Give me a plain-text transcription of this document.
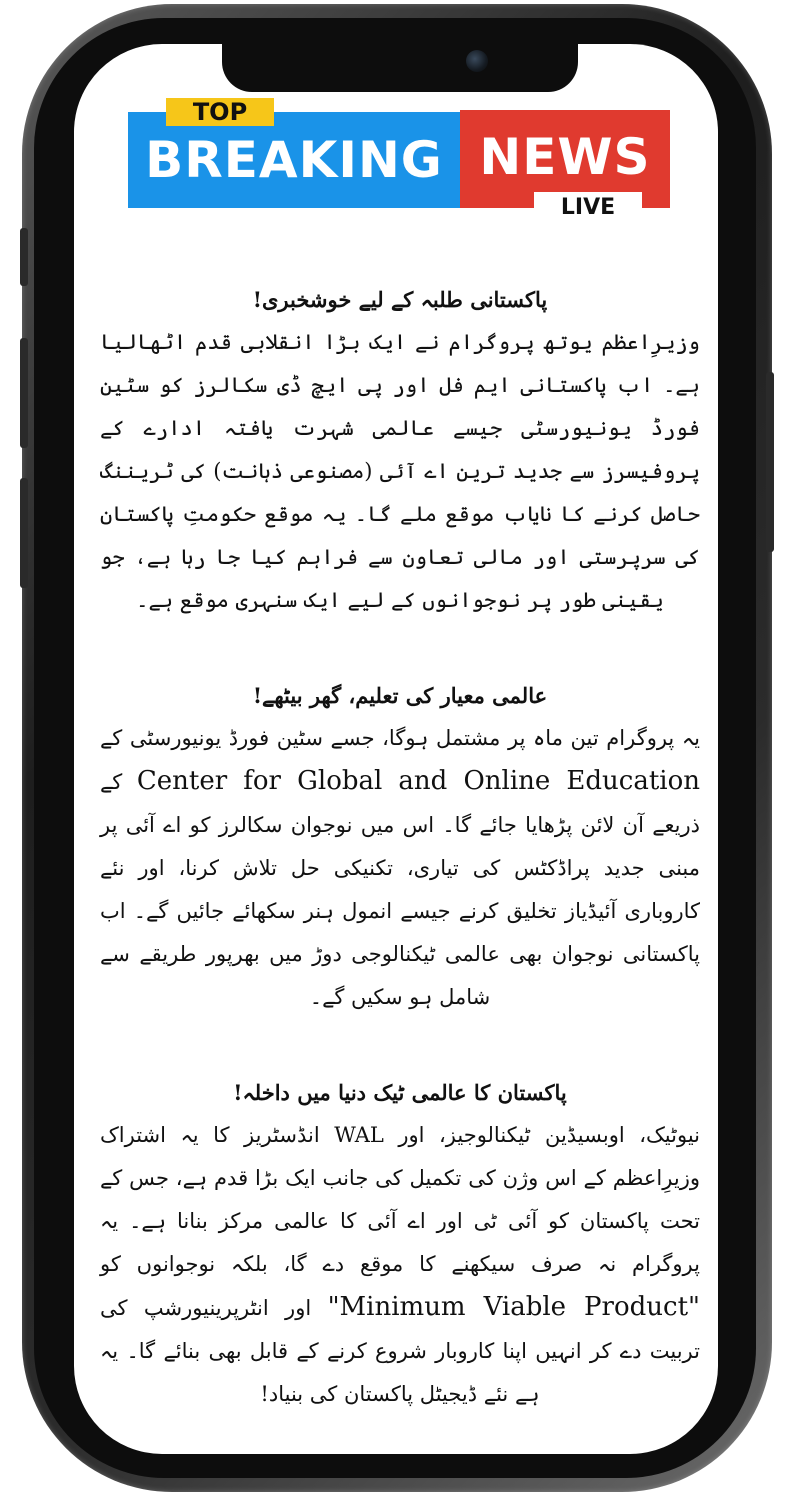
BREAKING NEWS
TOP
LIVE

پاکستانی طلبہ کے لیے خوشخبری!

وزیرِاعظم یوتھ پروگرام نے ایک بڑا انقلابی قدم اٹھالیا ہے۔ اب پاکستانی ایم فل اور پی ایچ ڈی سکالرز کو سٹین فورڈ یونیورسٹی جیسے عالمی شہرت یافتہ ادارے کے پروفیسرز سے جدید ترین اے آئی (مصنوعی ذہانت) کی ٹریننگ حاصل کرنے کا نایاب موقع ملے گا۔ یہ موقع حکومتِ پاکستان کی سرپرستی اور مالی تعاون سے فراہم کیا جا رہا ہے، جو یقینی طور پر نوجوانوں کے لیے ایک سنہری موقع ہے۔

عالمی معیار کی تعلیم، گھر بیٹھے!

یہ پروگرام تین ماہ پر مشتمل ہوگا، جسے سٹین فورڈ یونیورسٹی کے Center for Global and Online Education کے ذریعے آن لائن پڑھایا جائے گا۔ اس میں نوجوان سکالرز کو اے آئی پر مبنی جدید پراڈکٹس کی تیاری، تکنیکی حل تلاش کرنا، اور نئے کاروباری آئیڈیاز تخلیق کرنے جیسے انمول ہنر سکھائے جائیں گے۔ اب پاکستانی نوجوان بھی عالمی ٹیکنالوجی دوڑ میں بھرپور طریقے سے شامل ہو سکیں گے۔

پاکستان کا عالمی ٹیک دنیا میں داخلہ!

نیوٹیک، اوبسیڈین ٹیکنالوجیز، اور WAL انڈسٹریز کا یہ اشتراک وزیرِاعظم کے اس وژن کی تکمیل کی جانب ایک بڑا قدم ہے، جس کے تحت پاکستان کو آئی ٹی اور اے آئی کا عالمی مرکز بنانا ہے۔ یہ پروگرام نہ صرف سیکھنے کا موقع دے گا، بلکہ نوجوانوں کو "Minimum Viable Product" اور انٹرپرینیورشپ کی تربیت دے کر انہیں اپنا کاروبار شروع کرنے کے قابل بھی بنائے گا۔ یہ ہے نئے ڈیجیٹل پاکستان کی بنیاد!
